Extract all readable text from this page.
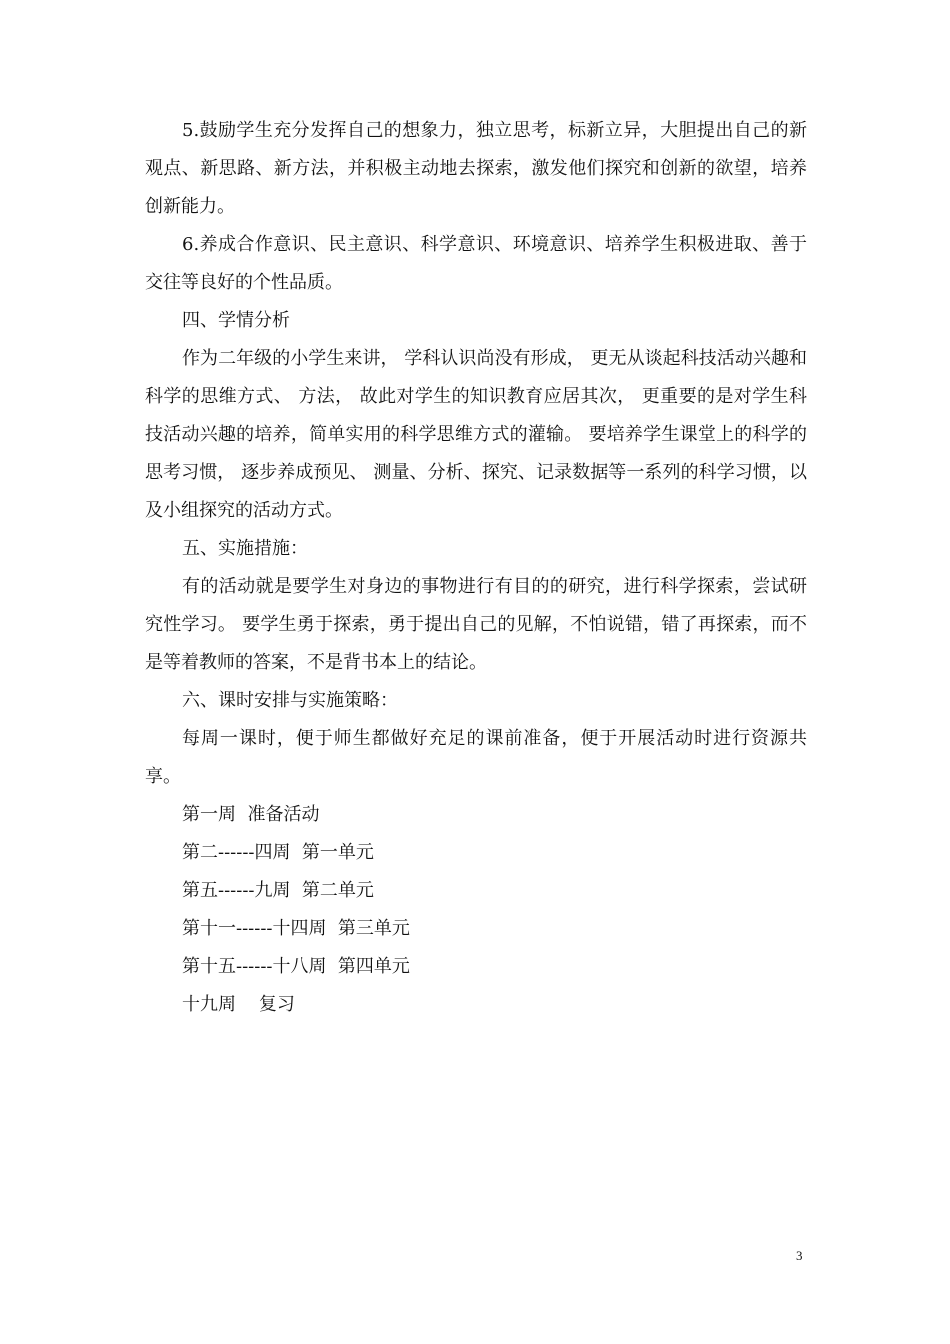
5.鼓励学生充分发挥自己的想象力，独立思考，标新立异，大胆提出自己的新观点、新思路、新方法，并积极主动地去探索，激发他们探究和创新的欲望，培养创新能力。

6.养成合作意识、民主意识、科学意识、环境意识、培养学生积极进取、善于交往等良好的个性品质。

四、学情分析

作为二年级的小学生来讲， 学科认识尚没有形成， 更无从谈起科技活动兴趣和科学的思维方式、 方法， 故此对学生的知识教育应居其次， 更重要的是对学生科技活动兴趣的培养，简单实用的科学思维方式的灌输。 要培养学生课堂上的科学的思考习惯， 逐步养成预见、 测量、分析、探究、记录数据等一系列的科学习惯，以及小组探究的活动方式。

五、实施措施：

有的活动就是要学生对身边的事物进行有目的的研究，进行科学探索，尝试研究性学习。 要学生勇于探索，勇于提出自己的见解，不怕说错，错了再探索，而不是等着教师的答案，不是背书本上的结论。

六、课时安排与实施策略：

每周一课时，便于师生都做好充足的课前准备，便于开展活动时进行资源共享。

第一周  准备活动

第二------四周  第一单元

第五------九周  第二单元

第十一------十四周  第三单元

第十五------十八周  第四单元

十九周    复习

3
